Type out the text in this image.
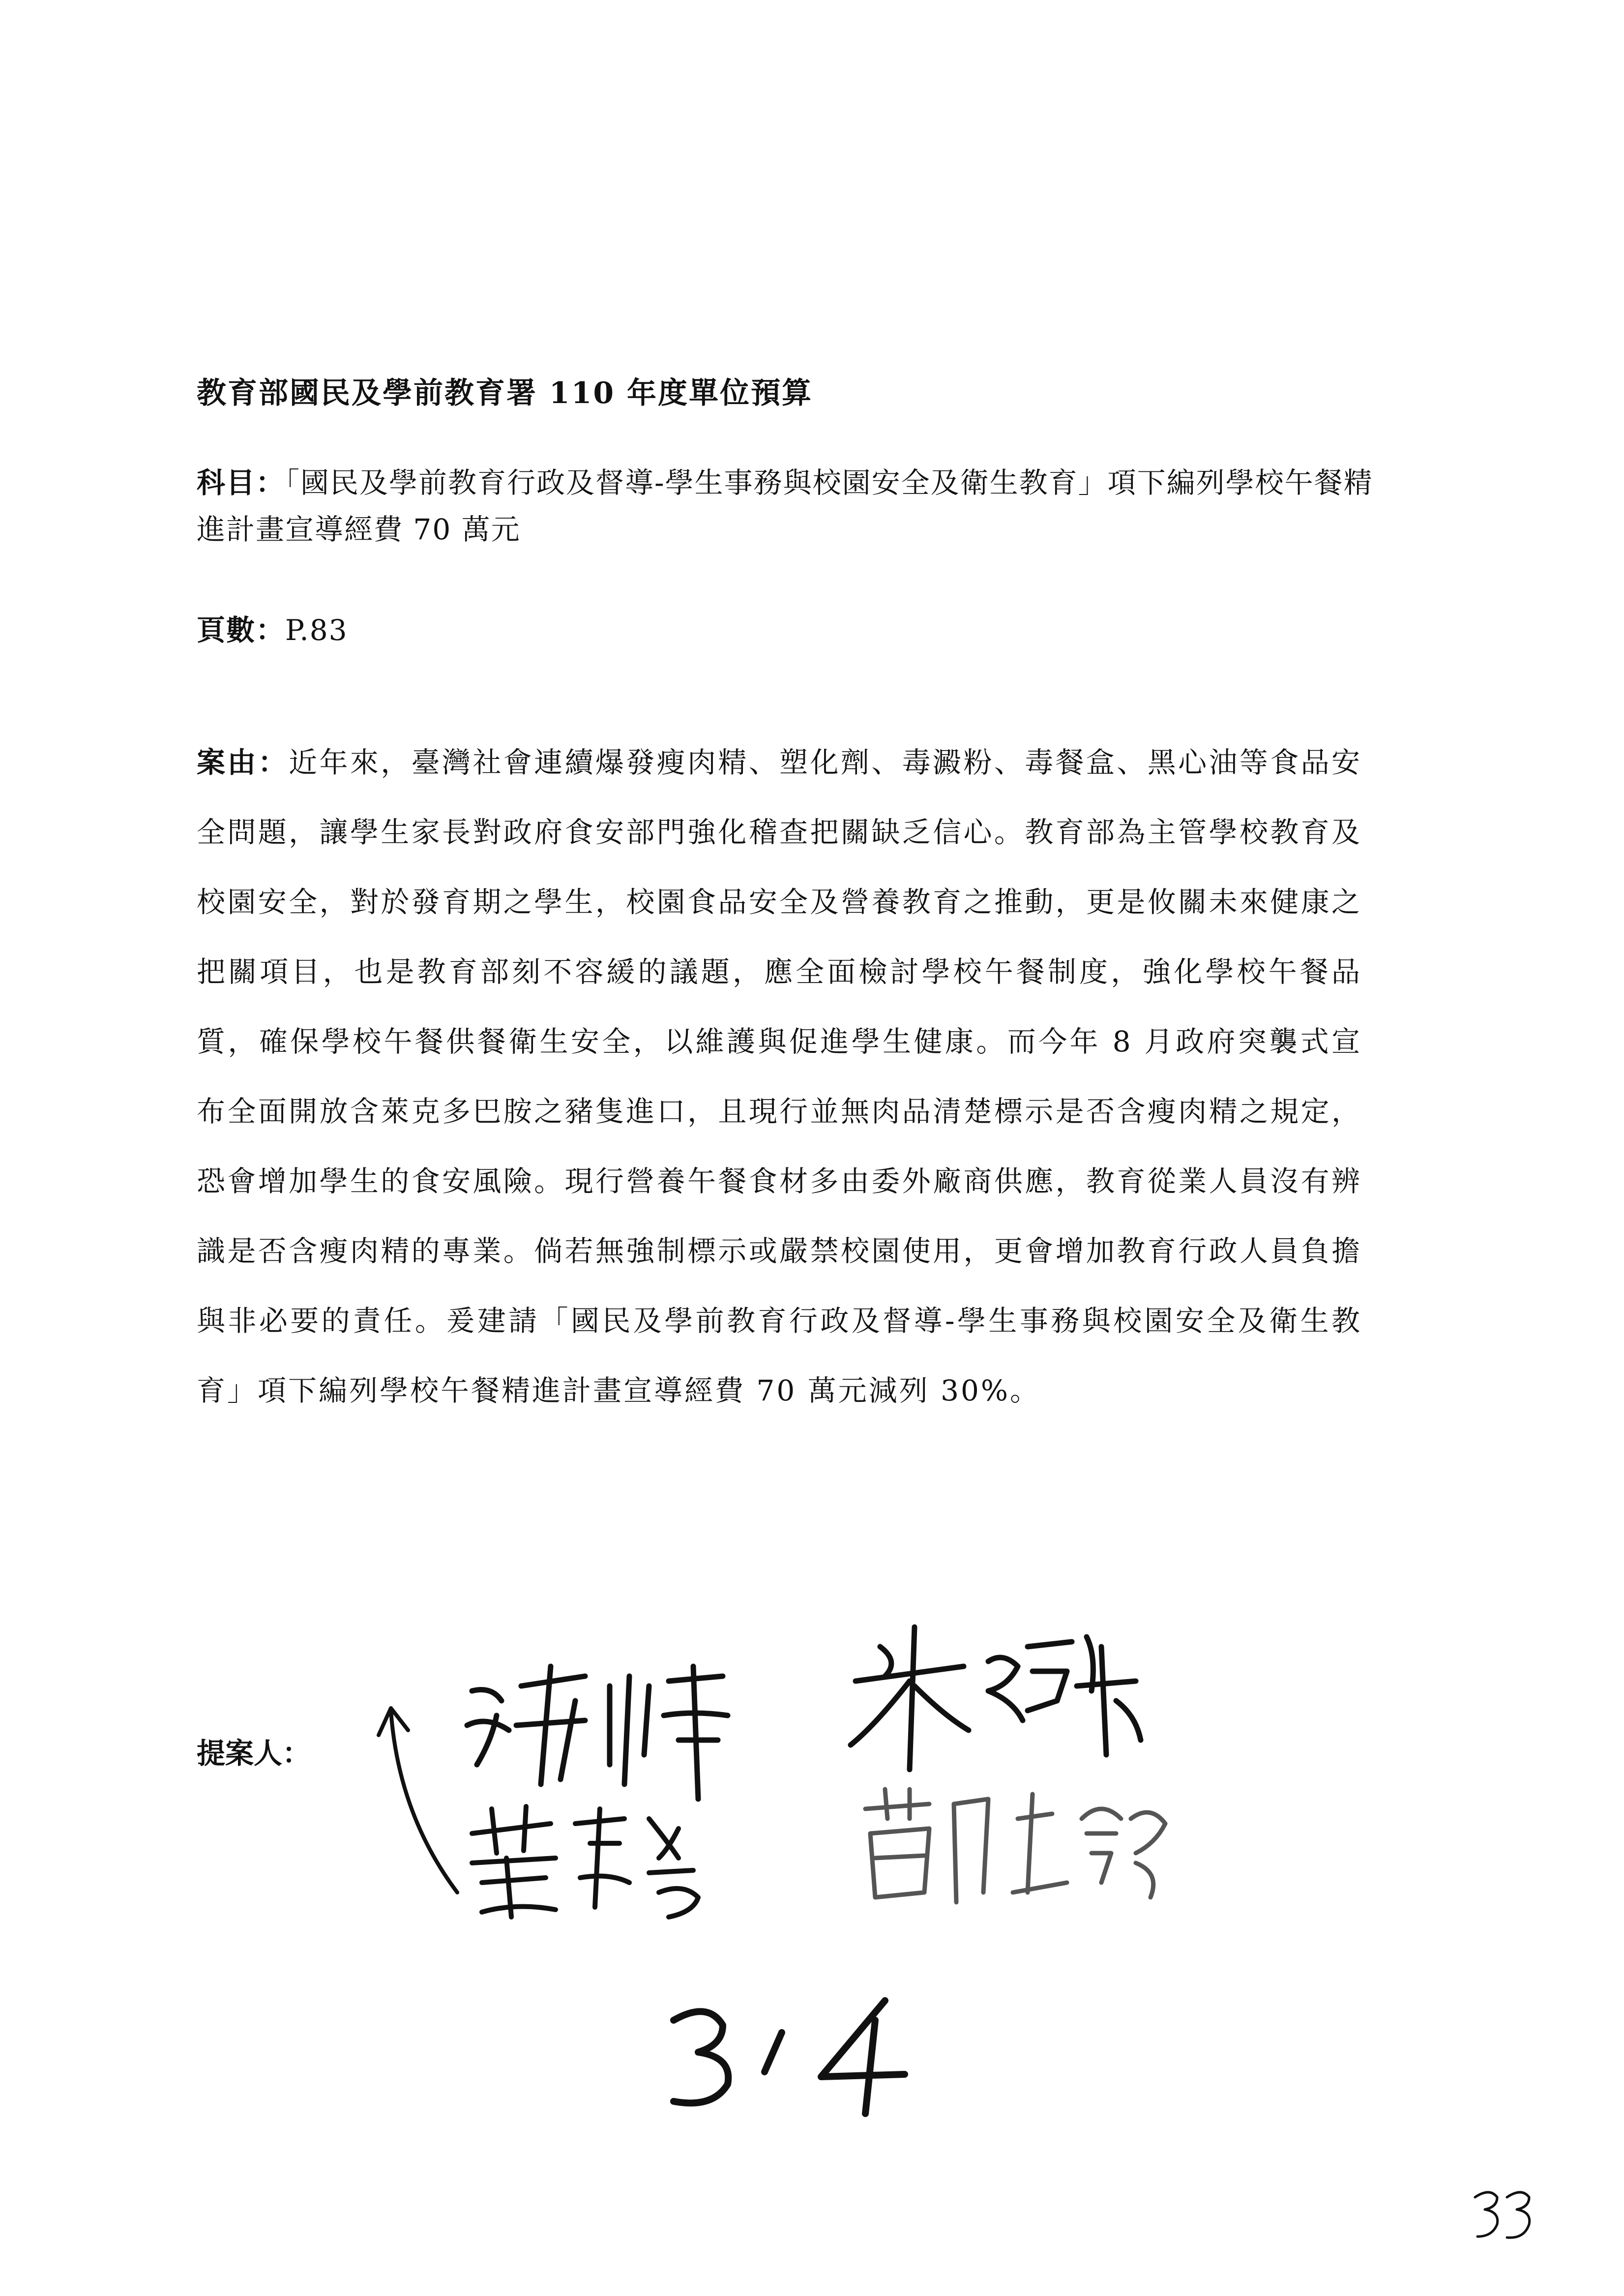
教育部國民及學前教育署 110 年度單位預算
科目：「國民及學前教育行政及督導-學生事務與校園安全及衛生教育」項下編列學校午餐精進計畫宣導經費 70 萬元
頁數：P.83
案由：近年來，臺灣社會連續爆發瘦肉精、塑化劑、毒澱粉、毒餐盒、黑心油等食品安全問題，讓學生家長對政府食安部門強化稽查把關缺乏信心。教育部為主管學校教育及校園安全，對於發育期之學生，校園食品安全及營養教育之推動，更是攸關未來健康之把關項目，也是教育部刻不容緩的議題，應全面檢討學校午餐制度，強化學校午餐品質，確保學校午餐供餐衛生安全，以維護與促進學生健康。而今年 8 月政府突襲式宣布全面開放含萊克多巴胺之豬隻進口，且現行並無肉品清楚標示是否含瘦肉精之規定，恐會增加學生的食安風險。現行營養午餐食材多由委外廠商供應，教育從業人員沒有辨識是否含瘦肉精的專業。倘若無強制標示或嚴禁校園使用，更會增加教育行政人員負擔與非必要的責任。爰建請「國民及學前教育行政及督導-學生事務與校園安全及衛生教育」項下編列學校午餐精進計畫宣導經費 70 萬元減列 30%。
提案人：
